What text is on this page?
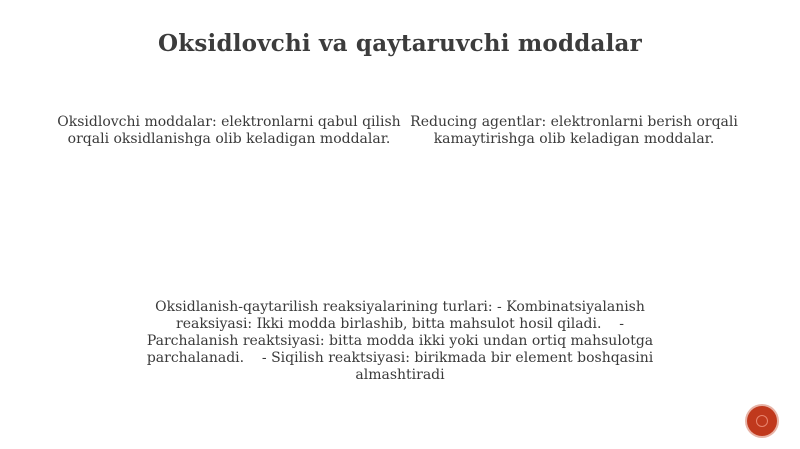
Oksidlovchi va qaytaruvchi moddalar
Oksidlovchi moddalar: elektronlarni qabul qilish orqali oksidlanishga olib keladigan moddalar.
Reducing agentlar: elektronlarni berish orqali kamaytirishga olib keladigan moddalar.
Oksidlanish-qaytarilish reaksiyalarining turlari: - Kombinatsiyalanish reaksiyasi: Ikki modda birlashib, bitta mahsulot hosil qiladi.    - Parchalanish reaktsiyasi: bitta modda ikki yoki undan ortiq mahsulotga parchalanadi.    - Siqilish reaktsiyasi: birikmada bir element boshqasini almashtiradi
